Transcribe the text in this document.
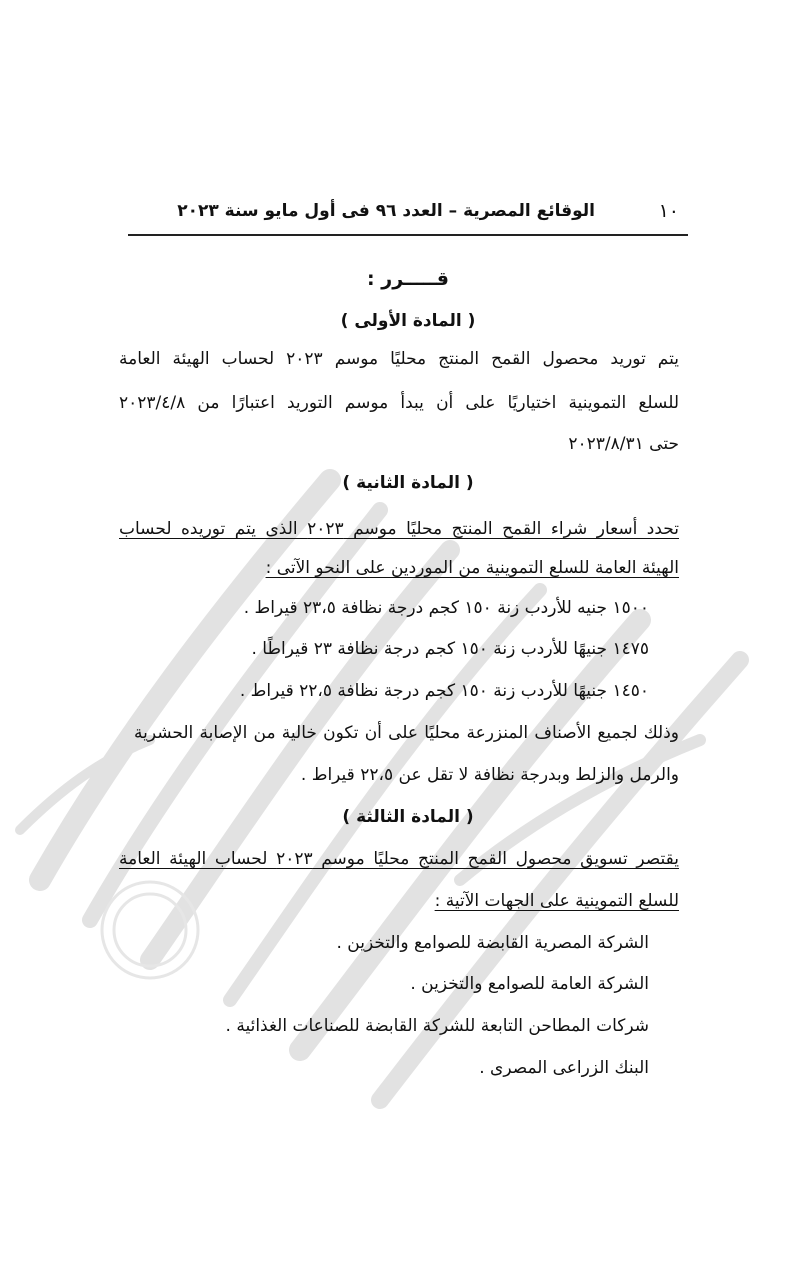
١٠
الوقائع المصرية – العدد ٩٦ فى أول مايو سنة ٢٠٢٣
قـــــرر :
( المادة الأولى )
يتم توريد محصول القمح المنتج محليًا موسم ٢٠٢٣ لحساب الهيئة العامة
للسلع التموينية اختياريًا على أن يبدأ موسم التوريد اعتبارًا من ٢٠٢٣/٤/٨
حتى ٢٠٢٣/٨/٣١
( المادة الثانية )
تحدد أسعار شراء القمح المنتج محليًا موسم ٢٠٢٣ الذى يتم توريده لحساب
الهيئة العامة للسلع التموينية من الموردين على النحو الآتى :
١٥٠٠ جنيه للأردب زنة ١٥٠ كجم درجة نظافة ٢٣،٥ قيراط .
١٤٧٥ جنيهًا للأردب زنة ١٥٠ كجم درجة نظافة ٢٣ قيراطًا .
١٤٥٠ جنيهًا للأردب زنة ١٥٠ كجم درجة نظافة ٢٢،٥ قيراط .
وذلك لجميع الأصناف المنزرعة محليًا على أن تكون خالية من الإصابة الحشرية
والرمل والزلط وبدرجة نظافة لا تقل عن ٢٢،٥ قيراط .
( المادة الثالثة )
يقتصر تسويق محصول القمح المنتج محليًا موسم ٢٠٢٣ لحساب الهيئة العامة
للسلع التموينية على الجهات الآتية :
الشركة المصرية القابضة للصوامع والتخزين .
الشركة العامة للصوامع والتخزين .
شركات المطاحن التابعة للشركة القابضة للصناعات الغذائية .
البنك الزراعى المصرى .
